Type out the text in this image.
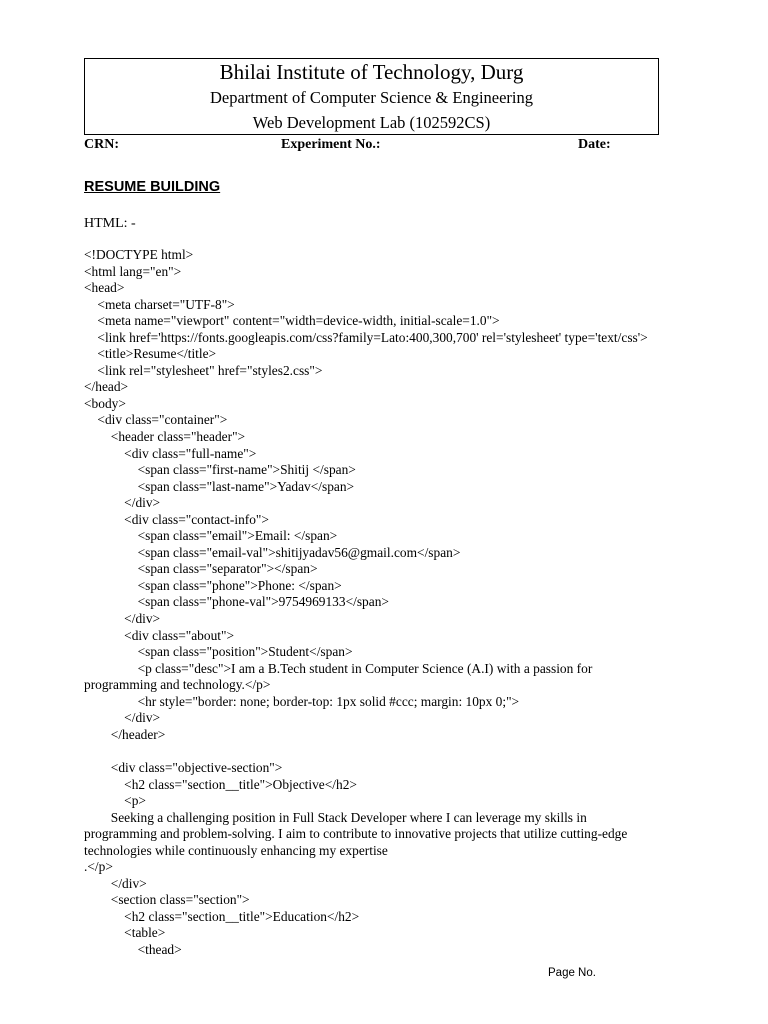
Bhilai Institute of Technology, Durg
Department of Computer Science & Engineering
Web Development Lab (102592CS)
CRN:	Experiment No.:	Date:
RESUME BUILDING
HTML: -
<!DOCTYPE html>
<html lang="en">
<head>
<meta charset="UTF-8">
<meta name="viewport" content="width=device-width, initial-scale=1.0">
<link href='https://fonts.googleapis.com/css?family=Lato:400,300,700' rel='stylesheet' type='text/css'>
<title>Resume</title>
<link rel="stylesheet" href="styles2.css">
</head>
<body>
<div class="container">
<header class="header">
<div class="full-name">
<span class="first-name">Shitij </span>
<span class="last-name">Yadav</span>
</div>
<div class="contact-info">
<span class="email">Email: </span>
<span class="email-val">shitijyadav56@gmail.com</span>
<span class="separator"></span>
<span class="phone">Phone: </span>
<span class="phone-val">9754969133</span>
</div>
<div class="about">
<span class="position">Student</span>
<p class="desc">I am a B.Tech student in Computer Science (A.I) with a passion for
programming and technology.</p>
<hr style="border: none; border-top: 1px solid #ccc; margin: 10px 0;">
</div>
</header>
<div class="objective-section">
<h2 class="section__title">Objective</h2>
<p>
Seeking a challenging position in Full Stack Developer where I can leverage my skills in
programming and problem-solving. I aim to contribute to innovative projects that utilize cutting-edge
technologies while continuously enhancing my expertise
.</p>
</div>
<section class="section">
<h2 class="section__title">Education</h2>
<table>
<thead>
Page No.
